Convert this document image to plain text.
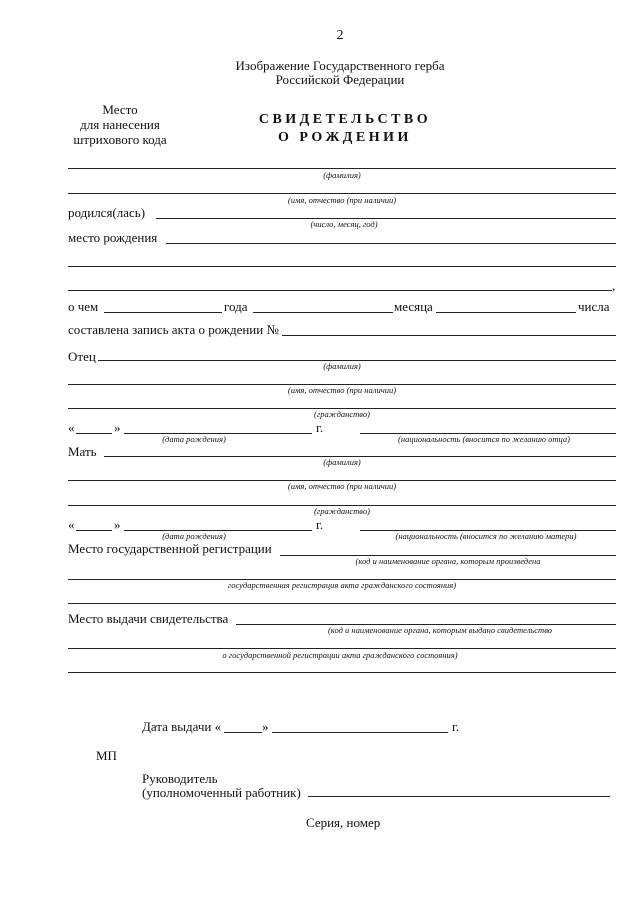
2
Изображение Государственного герба
Российской Федерации
Место
для нанесения
штрихового кода
СВИДЕТЕЛЬСТВО
О РОЖДЕНИИ
(фамилия)
(имя, отчество (при наличии)
родился(лась)
(число, месяц, год)
место рождения
,
о чем	года	месяца	числа
составлена запись акта о рождении №
Отец
(фамилия)
(имя, отчество (при наличии)
(гражданство)
«	»	г.
(дата рождения)	(национальность (вносится по желанию отца)
Мать
(фамилия)
(имя, отчество (при наличии)
(гражданство)
«	»	г.
(дата рождения)	(национальность (вносится по желанию матери)
Место государственной регистрации
(код и наименование органа, которым произведена
государственная регистрация акта гражданского состояния)
Место выдачи свидетельства
(код и наименование органа, которым выдано свидетельство
о государственной регистрации акта гражданского состояния)
Дата выдачи «	»	г.
МП
Руководитель
(уполномоченный работник)
Серия, номер
